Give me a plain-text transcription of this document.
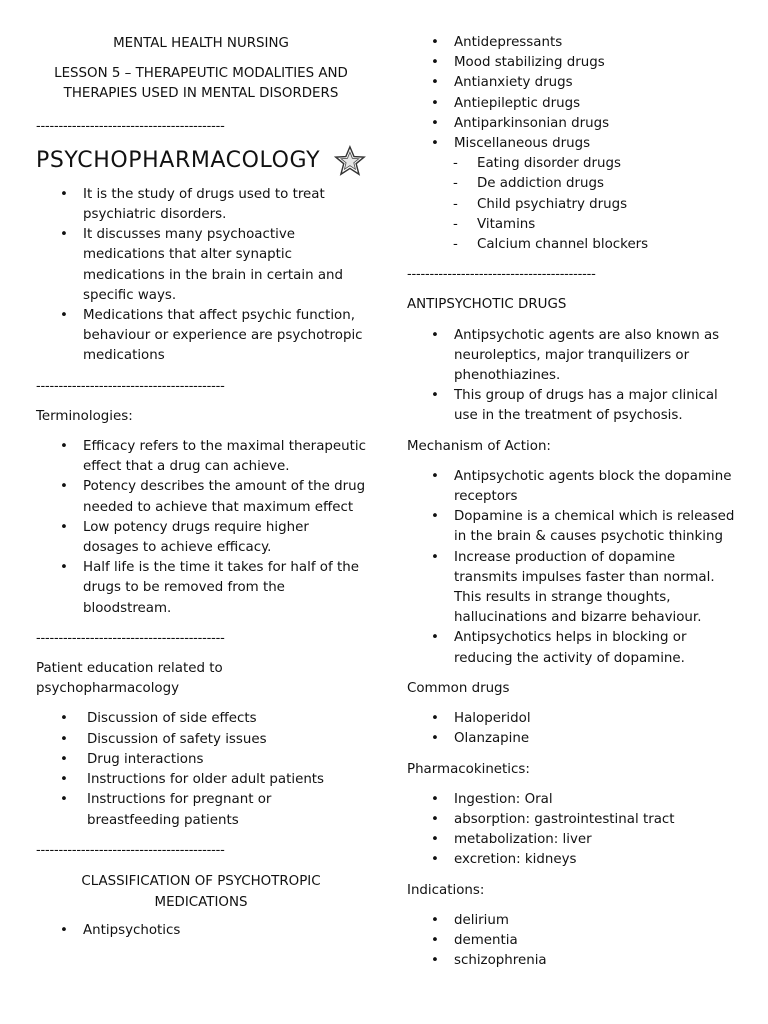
MENTAL HEALTH NURSING

LESSON 5 – THERAPEUTIC MODALITIES AND THERAPIES USED IN MENTAL DISORDERS

------------------------------------------

PSYCHOPHARMACOLOGY
• It is the study of drugs used to treat psychiatric disorders.
• It discusses many psychoactive medications that alter synaptic medications in the brain in certain and specific ways.
• Medications that affect psychic function, behaviour or experience are psychotropic medications

------------------------------------------

Terminologies:

• Efficacy refers to the maximal therapeutic effect that a drug can achieve.
• Potency describes the amount of the drug needed to achieve that maximum effect
• Low potency drugs require higher dosages to achieve efficacy.
• Half life is the time it takes for half of the drugs to be removed from the bloodstream.

------------------------------------------

Patient education related to psychopharmacology

• Discussion of side effects
• Discussion of safety issues
• Drug interactions
• Instructions for older adult patients
• Instructions for pregnant or breastfeeding patients

------------------------------------------

CLASSIFICATION OF PSYCHOTROPIC MEDICATIONS

• Antipsychotics
• Antidepressants
• Mood stabilizing drugs
• Antianxiety drugs
• Antiepileptic drugs
• Antiparkinsonian drugs
• Miscellaneous drugs
- Eating disorder drugs
- De addiction drugs
- Child psychiatry drugs
- Vitamins
- Calcium channel blockers

------------------------------------------

ANTIPSYCHOTIC DRUGS

• Antipsychotic agents are also known as neuroleptics, major tranquilizers or phenothiazines.
• This group of drugs has a major clinical use in the treatment of psychosis.

Mechanism of Action:

• Antipsychotic agents block the dopamine receptors
• Dopamine is a chemical which is released in the brain & causes psychotic thinking
• Increase production of dopamine transmits impulses faster than normal. This results in strange thoughts, hallucinations and bizarre behaviour.
• Antipsychotics helps in blocking or reducing the activity of dopamine.

Common drugs

• Haloperidol
• Olanzapine

Pharmacokinetics:

• Ingestion: Oral
• absorption: gastrointestinal tract
• metabolization: liver
• excretion: kidneys

Indications:

• delirium
• dementia
• schizophrenia
